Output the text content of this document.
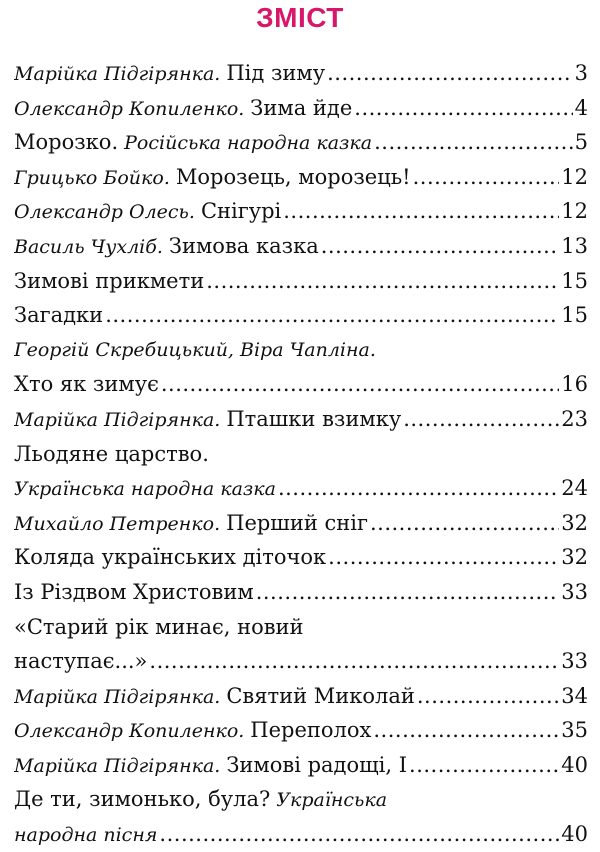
ЗМІСТ
Марійка Підгірянка. Під зиму .....	3
Олександр Копиленко. Зима йде .....	4
Морозко. Російська народна казка .....	5
Грицько Бойко. Морозець, морозець! .....	12
Олександр Олесь. Снігурі .....	12
Василь Чухліб. Зимова казка .....	13
Зимові прикмети .....	15
Загадки .....	15
Георгій Скребицький, Віра Чапліна.
Хто як зимує .....	16
Марійка Підгірянка. Пташки взимку .....	23
Льодяне царство.
Українська народна казка .....	24
Михайло Петренко. Перший сніг .....	32
Коляда українських діточок .....	32
Із Різдвом Христовим .....	33
«Старий рік минає, новий
наступає...» .....	33
Марійка Підгірянка. Святий Миколай .....	34
Олександр Копиленко. Переполох .....	35
Марійка Підгірянка. Зимові радощі, І .....	40
Де ти, зимонько, була? Українська
народна пісня .....	40
